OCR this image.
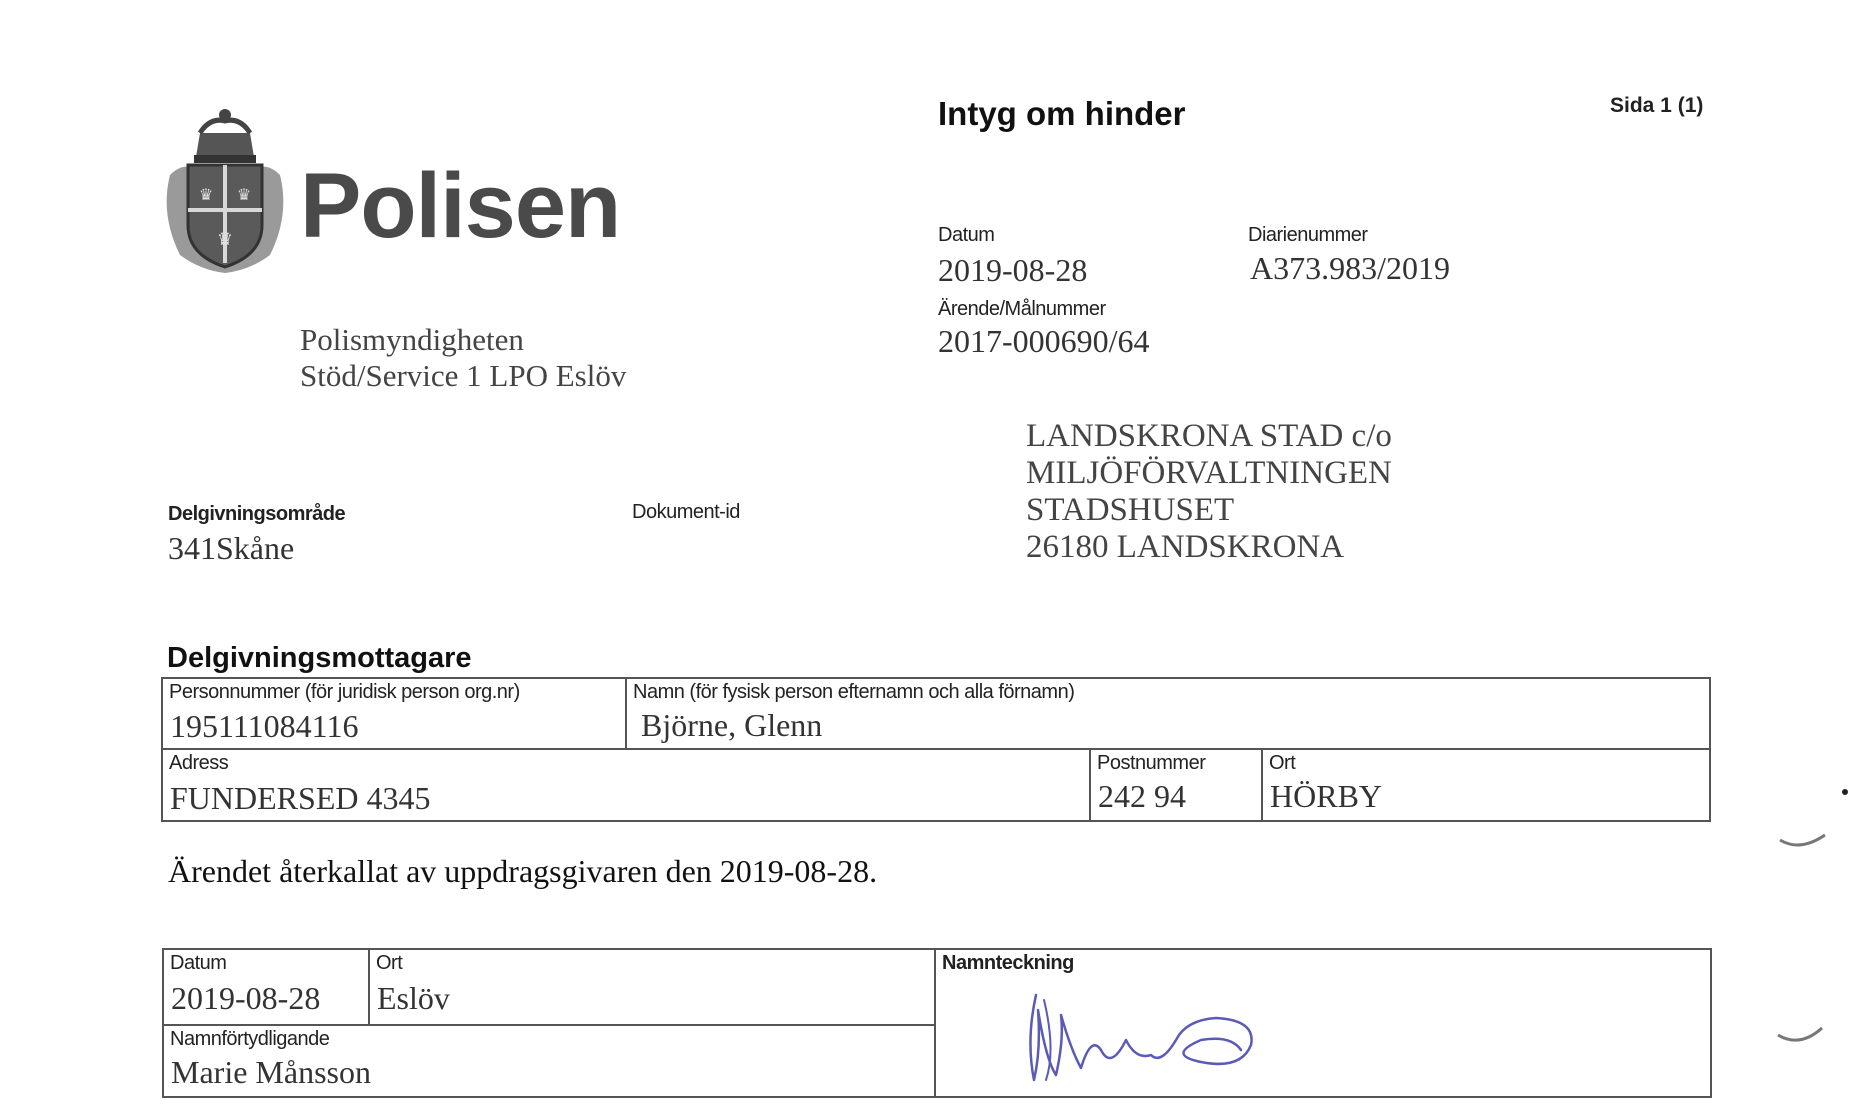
♛ ♛
♛ Polisen
Polismyndigheten
Stöd/Service 1 LPO Eslöv
Intyg om hinder	Sida 1 (1)
Datum
2019-08-28
Diarienummer
A373.983/2019
Ärende/Målnummer
2017-000690/64
Delgivningsområde
341Skåne
Dokument-id
LANDSKRONA STAD c/o
MILJÖFÖRVALTNINGEN
STADSHUSET
26180 LANDSKRONA
Delgivningsmottagare
Personnummer (för juridisk person org.nr)
195111084116
Namn (för fysisk person efternamn och alla förnamn)
Björne, Glenn
Adress
FUNDERSED 4345
Postnummer
242 94
Ort
HÖRBY
Ärendet återkallat av uppdragsgivaren den 2019-08-28.
Datum
2019-08-28
Ort
Eslöv
Namnförtydligande
Marie Månsson
Namnteckning
